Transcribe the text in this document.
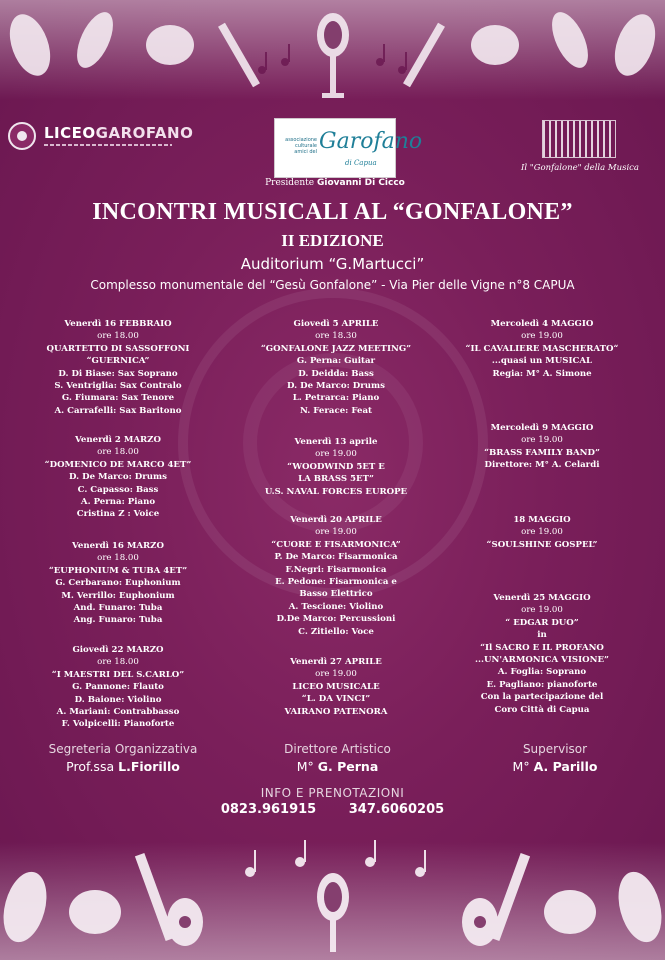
LICEOGAROFANO	associazione culturale
amici del Garofano
di Capua
Presidente Giovanni Di Cicco
Il "Gonfalone" della Musica
INCONTRI MUSICALI AL “GONFALONE”
II EDIZIONE
Auditorium “G.Martucci”
Complesso monumentale del “Gesù Gonfalone” - Via Pier delle Vigne n°8 CAPUA
Venerdì 16 FEBBRAIO
ore 18.00
QUARTETTO DI SASSOFFONI
“GUERNICA”
D. Di Biase: Sax Soprano
S. Ventriglia: Sax Contralo
G. Fiumara: Sax Tenore
A. Carrafelli: Sax Baritono
Venerdì 2 MARZO
ore 18.00
“DOMENICO DE MARCO 4ET”
D. De Marco: Drums
C. Capasso: Bass
A. Perna: Piano
Cristina Z : Voice
Venerdì 16 MARZO
ore 18.00
“EUPHONIUM & TUBA 4ET”
G. Cerbarano: Euphonium
M. Verrillo: Euphonium
And. Funaro: Tuba
Ang. Funaro: Tuba
Giovedì 22 MARZO
ore 18.00
“I MAESTRI DEL S.CARLO”
G. Pannone: Flauto
D. Baione: Violino
A. Mariani: Contrabbasso
F. Volpicelli: Pianoforte
Giovedì 5 APRILE
ore 18.30
“GONFALONE JAZZ MEETING”
G. Perna: Guitar
D. Deidda: Bass
D. De Marco: Drums
L. Petrarca: Piano
N. Ferace: Feat
Venerdì 13 aprile
ore 19.00
“WOODWIND 5ET E
LA BRASS 5ET”
U.S. NAVAL FORCES EUROPE
Venerdì 20 APRILE
ore 19.00
“CUORE E FISARMONICA”
P. De Marco: Fisarmonica
F.Negri: Fisarmonica
E. Pedone: Fisarmonica e
Basso Elettrico
A. Tescione: Violino
D.De Marco: Percussioni
C. Zitiello: Voce
Venerdì 27 APRILE
ore 19.00
LICEO MUSICALE
“L. DA VINCI”
VAIRANO PATENORA
Mercoledì 4 MAGGIO
ore 19.00
“IL CAVALIERE MASCHERATO“
...quasi un MUSICAL
Regia: M° A. Simone
Mercoledì 9 MAGGIO
ore 19.00
“BRASS FAMILY BAND”
Direttore: M° A. Celardi
18 MAGGIO
ore 19.00
“SOULSHINE GOSPEL”
Venerdì 25 MAGGIO
ore 19.00
“ EDGAR DUO”
in
“Il SACRO E IL PROFANO
...UN'ARMONICA VISIONE”
A. Foglia: Soprano
E. Pagliano: pianoforte
Con la partecipazione del
Coro Città di Capua
Segreteria Organizzativa
Prof.ssa L.Fiorillo
Direttore Artistico
M° G. Perna
Supervisor
M° A. Parillo
INFO E PRENOTAZIONI
0823.961915	347.6060205
